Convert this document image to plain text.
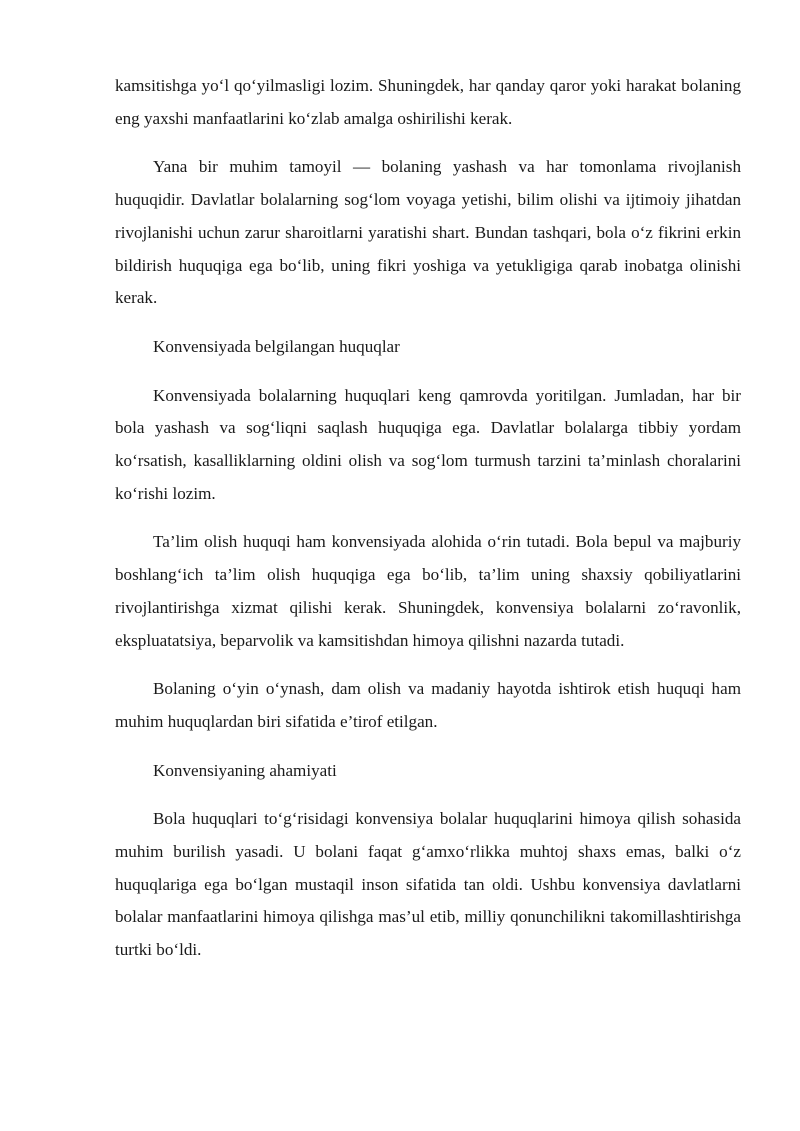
kamsitishga yo‘l qo‘yilmasligi lozim. Shuningdek, har qanday qaror yoki harakat bolaning eng yaxshi manfaatlarini ko‘zlab amalga oshirilishi kerak.

Yana bir muhim tamoyil — bolaning yashash va har tomonlama rivojlanish huquqidir. Davlatlar bolalarning sog‘lom voyaga yetishi, bilim olishi va ijtimoiy jihatdan rivojlanishi uchun zarur sharoitlarni yaratishi shart. Bundan tashqari, bola o‘z fikrini erkin bildirish huquqiga ega bo‘lib, uning fikri yoshiga va yetukligiga qarab inobatga olinishi kerak.

Konvensiyada belgilangan huquqlar

Konvensiyada bolalarning huquqlari keng qamrovda yoritilgan. Jumladan, har bir bola yashash va sog‘liqni saqlash huquqiga ega. Davlatlar bolalarga tibbiy yordam ko‘rsatish, kasalliklarning oldini olish va sog‘lom turmush tarzini ta’minlash choralarini ko‘rishi lozim.

Ta’lim olish huquqi ham konvensiyada alohida o‘rin tutadi. Bola bepul va majburiy boshlang‘ich ta’lim olish huquqiga ega bo‘lib, ta’lim uning shaxsiy qobiliyatlarini rivojlantirishga xizmat qilishi kerak. Shuningdek, konvensiya bolalarni zo‘ravonlik, ekspluatatsiya, beparvolik va kamsitishdan himoya qilishni nazarda tutadi.

Bolaning o‘yin o‘ynash, dam olish va madaniy hayotda ishtirok etish huquqi ham muhim huquqlardan biri sifatida e’tirof etilgan.

Konvensiyaning ahamiyati

Bola huquqlari to‘g‘risidagi konvensiya bolalar huquqlarini himoya qilish sohasida muhim burilish yasadi. U bolani faqat g‘amxo‘rlikka muhtoj shaxs emas, balki o‘z huquqlariga ega bo‘lgan mustaqil inson sifatida tan oldi. Ushbu konvensiya davlatlarni bolalar manfaatlarini himoya qilishga mas’ul etib, milliy qonunchilikni takomillashtirishga turtki bo‘ldi.
